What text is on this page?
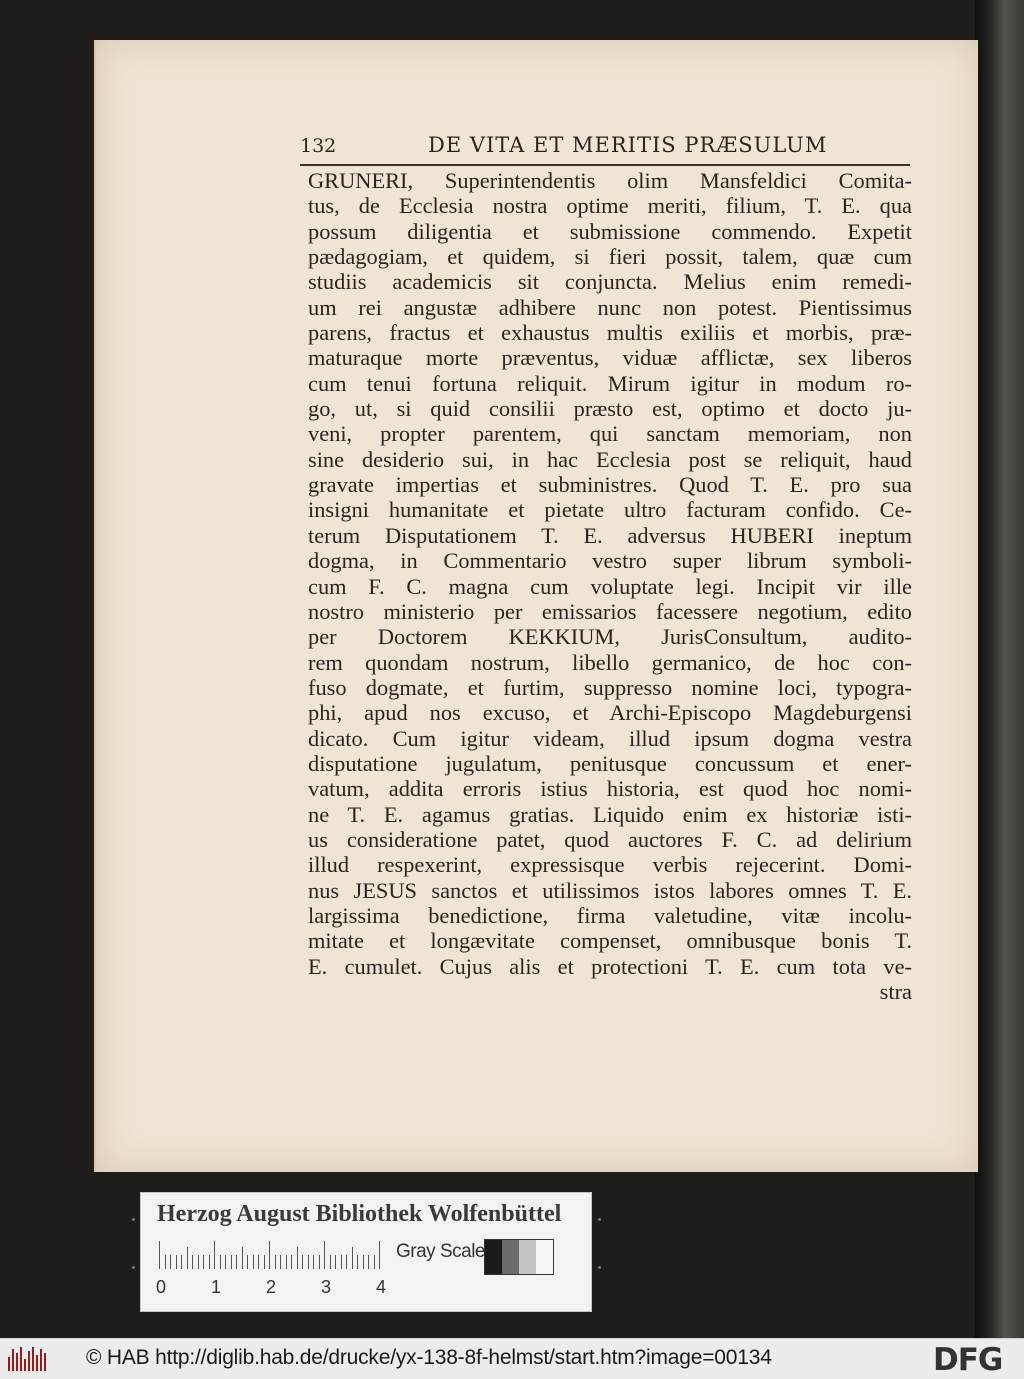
132	DE VITA ET MERITIS PRÆSULUM
GRUNERI, Superintendentis olim Mansfeldici Comita-
tus, de Ecclesia nostra optime meriti, filium, T. E. qua
possum diligentia et submissione commendo. Expetit
pædagogiam, et quidem, si fieri possit, talem, quæ cum
studiis academicis sit conjuncta. Melius enim remedi-
um rei angustæ adhibere nunc non potest. Pientissimus
parens, fractus et exhaustus multis exiliis et morbis, præ-
maturaque morte præventus, viduæ afflictæ, sex liberos
cum tenui fortuna reliquit. Mirum igitur in modum ro-
go, ut, si quid consilii præsto est, optimo et docto ju-
veni, propter parentem, qui sanctam memoriam, non
sine desiderio sui, in hac Ecclesia post se reliquit, haud
gravate impertias et subministres. Quod T. E. pro sua
insigni humanitate et pietate ultro facturam confido. Ce-
terum Disputationem T. E. adversus HUBERI ineptum
dogma, in Commentario vestro super librum symboli-
cum F. C. magna cum voluptate legi. Incipit vir ille
nostro ministerio per emissarios facessere negotium, edito
per Doctorem KEKKIUM, JurisConsultum, audito-
rem quondam nostrum, libello germanico, de hoc con-
fuso dogmate, et furtim, suppresso nomine loci, typogra-
phi, apud nos excuso, et Archi-Episcopo Magdeburgensi
dicato. Cum igitur videam, illud ipsum dogma vestra
disputatione jugulatum, penitusque concussum et ener-
vatum, addita erroris istius historia, est quod hoc nomi-
ne T. E. agamus gratias. Liquido enim ex historiæ isti-
us consideratione patet, quod auctores F. C. ad delirium
illud respexerint, expressisque verbis rejecerint. Domi-
nus JESUS sanctos et utilissimos istos labores omnes T. E.
largissima benedictione, firma valetudine, vitæ incolu-
mitate et longævitate compenset, omnibusque bonis T.
E. cumulet. Cujus alis et protectioni T. E. cum tota ve-
stra
Herzog August Bibliothek Wolfenbüttel
0 1 2 3 4
Gray Scale
© HAB http://diglib.hab.de/drucke/yx-138-8f-helmst/start.htm?image=00134	DFG
